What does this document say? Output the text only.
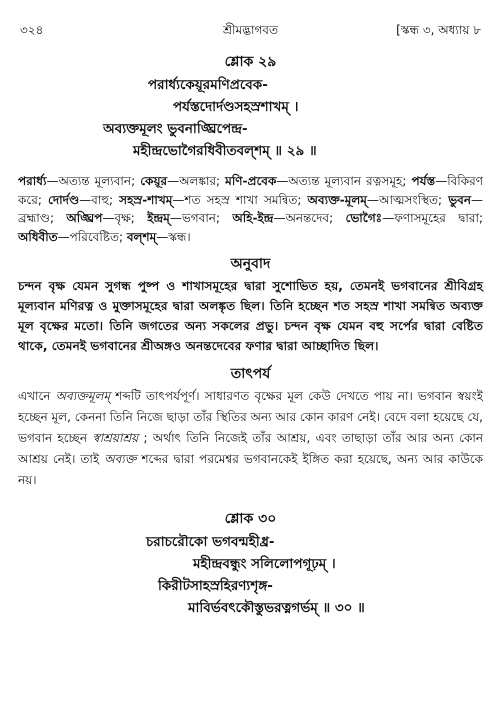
৩২৪	শ্রীমদ্ভাগবত	[স্কন্ধ ৩, অধ্যায় ৮
শ্লোক ২৯
পরার্ধ্যকেয়ূরমণিপ্রবেক-
পর্যস্তদোর্দণ্ডসহস্রশাখম্ ।
অব্যক্তমূলং ভুবনাঙ্ঘ্রিপেন্দ্র-
মহীন্দ্রভোগৈরধিবীতবল্‌শম্ ॥ ২৯ ॥
পরার্ধ্য—অত্যন্ত মূল্যবান; কেয়ূর—অলঙ্কার; মণি-প্রবেক—অত্যন্ত মূল্যবান রত্নসমূহ; পর্যস্ত—বিকিরণ করে; দোর্দণ্ড—বাহু; সহস্র-শাখম্—শত সহস্র শাখা সমন্বিত; অব্যক্ত-মূলম্—আত্মসংস্থিত; ভুবন—ব্রহ্মাণ্ড; অঙ্ঘ্রিপ—বৃক্ষ; ইন্দ্রম্—ভগবান; অহি-ইন্দ্র—অনন্তদেব; ভোগৈঃ—ফণাসমূহের দ্বারা; অধিবীত—পরিবেষ্টিত; বল্‌শম্—স্কন্ধ।
অনুবাদ
চন্দন বৃক্ষ যেমন সুগন্ধ পুষ্প ও শাখাসমূহের দ্বারা সুশোভিত হয়, তেমনই ভগবানের শ্রীবিগ্রহ মূল্যবান মণিরত্ন ও মুক্তাসমূহের দ্বারা অলঙ্কৃত ছিল। তিনি হচ্ছেন শত সহস্র শাখা সমন্বিত অব্যক্ত মূল বৃক্ষের মতো। তিনি জগতের অন্য সকলের প্রভু। চন্দন বৃক্ষ যেমন বহু সর্পের দ্বারা বেষ্টিত থাকে, তেমনই ভগবানের শ্রীঅঙ্গও অনন্তদেবের ফণার দ্বারা আচ্ছাদিত ছিল।
তাৎপর্য
এখানে অব্যক্তমূলম্ শব্দটি তাৎপর্যপূর্ণ। সাধারণত বৃক্ষের মূল কেউ দেখতে পায় না। ভগবান স্বয়ংই হচ্ছেন মূল, কেননা তিনি নিজে ছাড়া তাঁর স্থিতির অন্য আর কোন কারণ নেই। বেদে বলা হয়েছে যে, ভগবান হচ্ছেন স্বাশ্রয়াশ্রয় ; অর্থাৎ তিনি নিজেই তাঁর আশ্রয়, এবং তাছাড়া তাঁর আর অন্য কোন আশ্রয় নেই। তাই অব্যক্ত শব্দের দ্বারা পরমেশ্বর ভগবানকেই ইঙ্গিত করা হয়েছে, অন্য আর কাউকে নয়।
শ্লোক ৩০
চরাচরৌকো ভগবন্মহীধ্র-
মহীন্দ্রবন্ধুং সলিলোপগূঢ়ম্ ।
কিরীটসাহস্রহিরণ্যশৃঙ্গ-
মাবির্ভবৎকৌস্তুভরত্নগর্ভম্ ॥ ৩০ ॥
